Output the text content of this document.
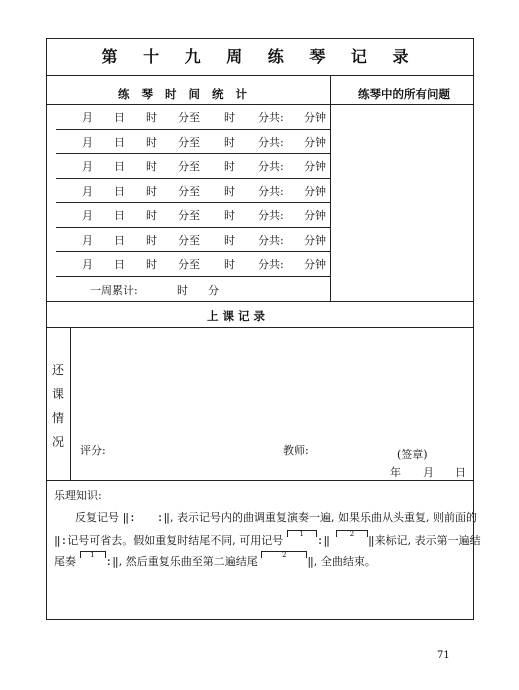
第 十 九 周 练 琴 记 录
练 琴 时 间 统 计	练琴中的所有问题
月 日 时 分至 时 分共: 分钟
月 日 时 分至 时 分共: 分钟
月 日 时 分至 时 分共: 分钟
月 日 时 分至 时 分共: 分钟
月 日 时 分至 时 分共: 分钟
月 日 时 分至 时 分共: 分钟
月 日 时 分至 时 分共: 分钟
一周累计:	时 分
上 课 记 录
还
课
情
况
评分:	教师:	(签章)
年 月 日
乐理知识:
反复记号 ‖: :‖, 表示记号内的曲调重复演奏一遍, 如果乐曲从头重复, 则前面的
‖:记号可省去。假如重复时结尾不同, 可用记号 1 :‖	2 ‖来标记, 表示第一遍结
尾奏 1 :‖, 然后重复乐曲至第二遍结尾	2 ‖, 全曲结束。
71
